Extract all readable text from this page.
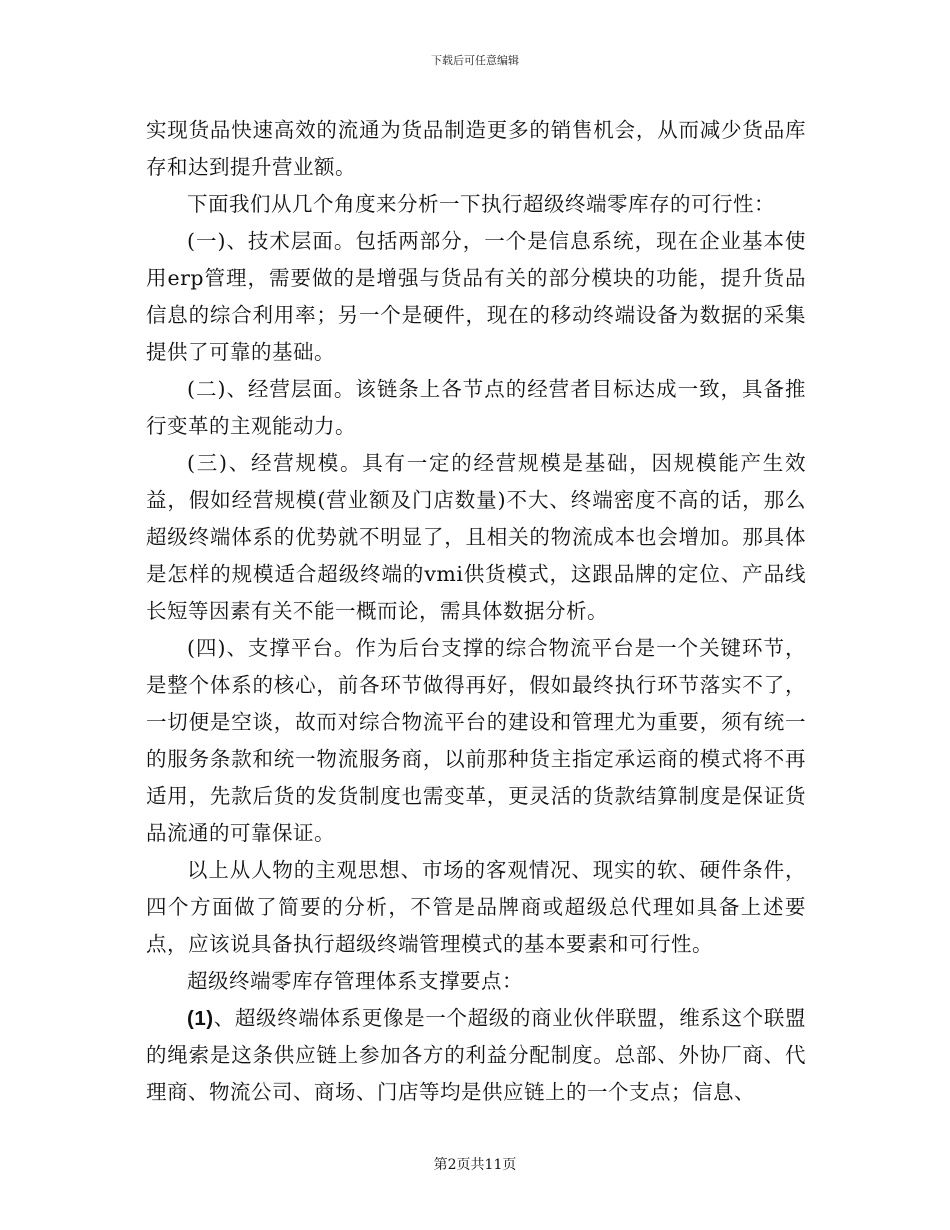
下载后可任意编辑

实现货品快速高效的流通为货品制造更多的销售机会，从而减少货品库存和达到提升营业额。

下面我们从几个角度来分析一下执行超级终端零库存的可行性：

(一)、技术层面。包括两部分，一个是信息系统，现在企业基本使用erp管理，需要做的是增强与货品有关的部分模块的功能，提升货品信息的综合利用率；另一个是硬件，现在的移动终端设备为数据的采集提供了可靠的基础。

(二)、经营层面。该链条上各节点的经营者目标达成一致，具备推行变革的主观能动力。

(三)、经营规模。具有一定的经营规模是基础，因规模能产生效益，假如经营规模(营业额及门店数量)不大、终端密度不高的话，那么超级终端体系的优势就不明显了，且相关的物流成本也会增加。那具体是怎样的规模适合超级终端的vmi供货模式，这跟品牌的定位、产品线长短等因素有关不能一概而论，需具体数据分析。

(四)、支撑平台。作为后台支撑的综合物流平台是一个关键环节，是整个体系的核心，前各环节做得再好，假如最终执行环节落实不了，一切便是空谈，故而对综合物流平台的建设和管理尤为重要，须有统一的服务条款和统一物流服务商，以前那种货主指定承运商的模式将不再适用，先款后货的发货制度也需变革，更灵活的货款结算制度是保证货品流通的可靠保证。

以上从人物的主观思想、市场的客观情况、现实的软、硬件条件，四个方面做了简要的分析，不管是品牌商或超级总代理如具备上述要点，应该说具备执行超级终端管理模式的基本要素和可行性。

超级终端零库存管理体系支撑要点：

(1)、超级终端体系更像是一个超级的商业伙伴联盟，维系这个联盟的绳索是这条供应链上参加各方的利益分配制度。总部、外协厂商、代理商、物流公司、商场、门店等均是供应链上的一个支点；信息、

第2页共11页
